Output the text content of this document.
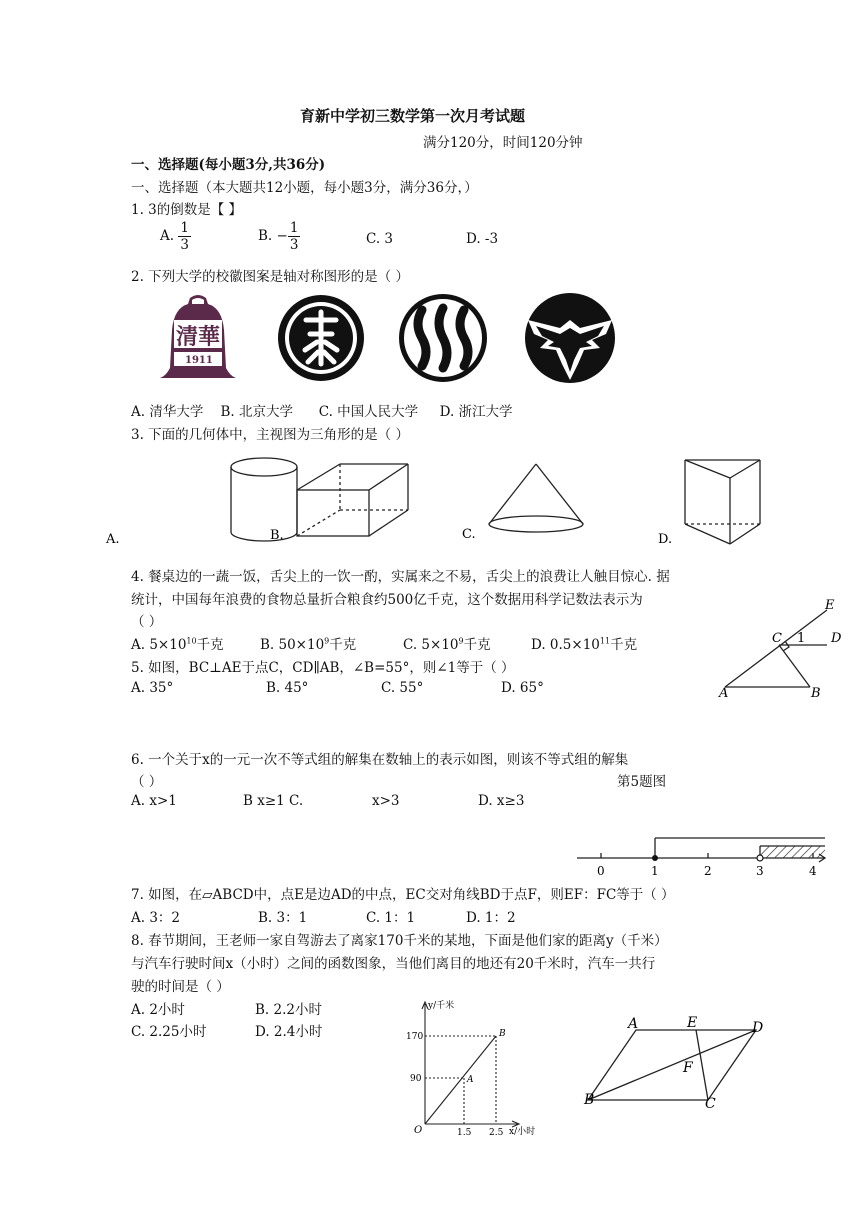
育新中学初三数学第一次月考试题
满分120分，时间120分钟
一、选择题(每小题3分,共36分)
一、选择题（本大题共12小题，每小题3分，满分36分，）
1. 3的倒数是【 】
A. $\frac{1}{3}$	B. − $\frac{1}{3}$	C. 3	D. ‐3
2. 下列大学的校徽图案是轴对称图形的是（ ）
清華
1911
A. 清华大学    B. 北京大学      C. 中国人民大学     D. 浙江大学
3. 下面的几何体中，主视图为三角形的是（ ）
A.	B.	C.	D.
4. 餐桌边的一蔬一饭，舌尖上的一饮一酌，实属来之不易，舌尖上的浪费让人触目惊心. 据
统计，中国每年浪费的食物总量折合粮食约500亿千克，这个数据用科学记数法表示为
（ ）
A. $5\times 10^{10}$千克	B. $50\times 10^9$千克	C. $5\times 10^9$千克	D. $0.5\times 10^{11}$千克
5. 如图，BC⊥AE于点C，CD∥AB，∠B=55°，则∠1等于（ ）
A. 35°	B. 45°	C. 55°	D. 65°
E
C 1 D
A	B
6. 一个关于x的一元一次不等式组的解集在数轴上的表示如图，则该不等式组的解集
（ ）	第5题图
A. x>1	B x≥1 C.	x>3	D. x≥3
0	1	2	3	4
7. 如图，在▱ABCD中，点E是边AD的中点，EC交对角线BD于点F，则EF：FC等于（ ）
A. 3：2	B. 3：1	C. 1：1	D. 1：2
8. 春节期间，王老师一家自驾游去了离家170千米的某地，下面是他们家的距离y（千米）
与汽车行驶时间x（小时）之间的函数图象，当他们离目的地还有20千米时，汽车一共行
驶的时间是（ ）
A. 2小时	B. 2.2小时
C. 2.25小时	D. 2.4小时
y/千米
x/小时
O
170
90
1.5 2.5
A
B
A	E	D
F
B	C
